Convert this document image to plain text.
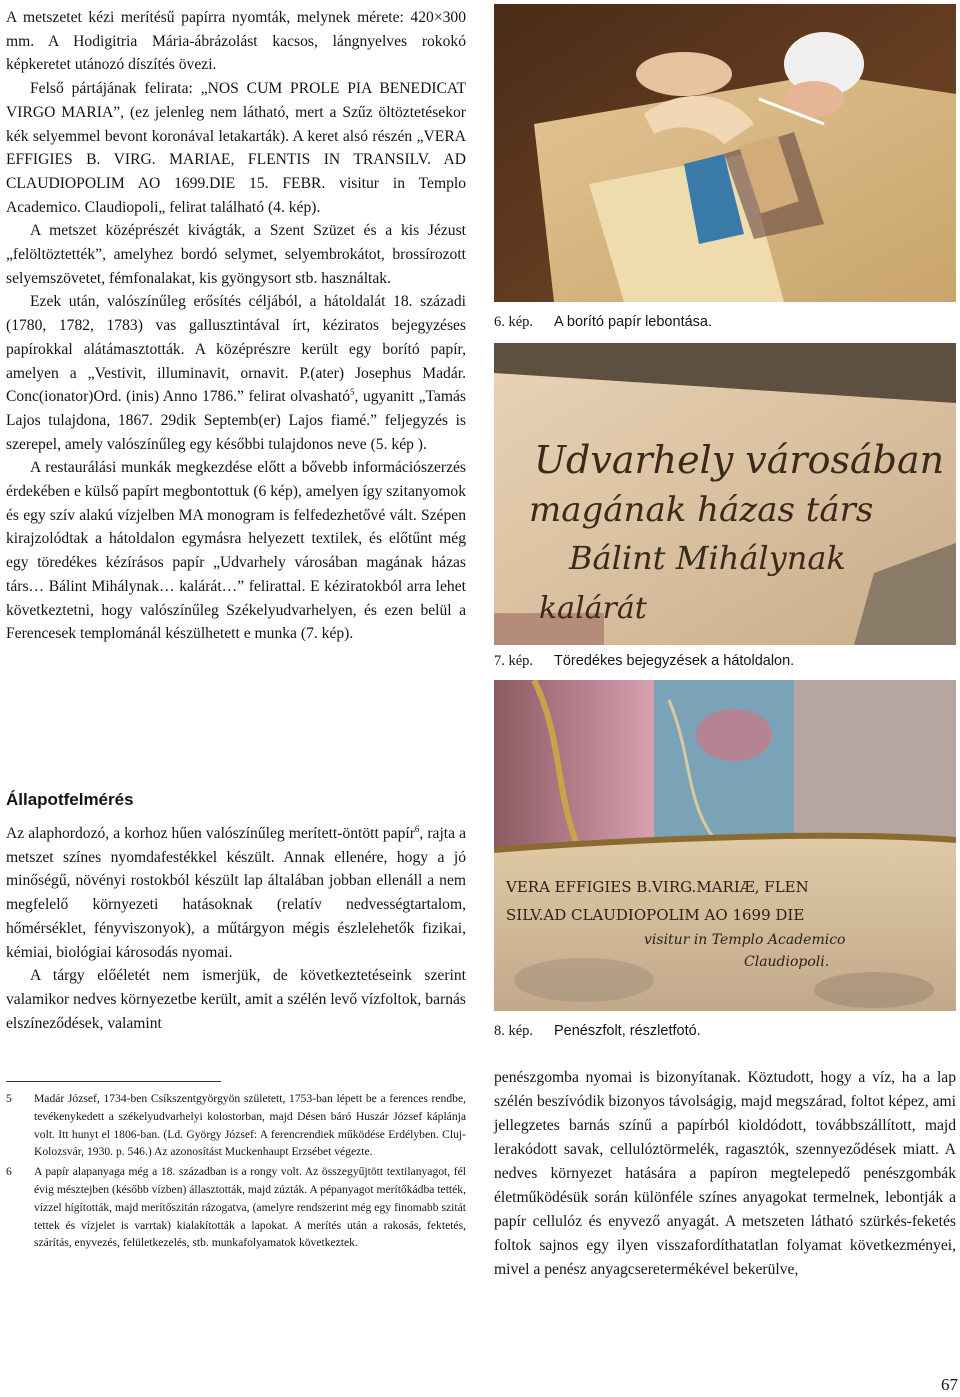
A metszetet kézi merítésű papírra nyomták, melynek mérete: 420×300 mm. A Hodigitria Mária-ábrázolást kacsos, lángnyelves rokokó képkeretet utánozó díszítés övezi.

Felső pártájának felirata: „NOS CUM PROLE PIA BENEDICAT VIRGO MARIA”, (ez jelenleg nem látható, mert a Szűz öltöztetésekor kék selyemmel bevont koronával letakarták). A keret alsó részén „VERA EFFIGIES B. VIRG. MARIAE, FLENTIS IN TRANSILV. AD CLAUDIOPOLIM AO 1699.DIE 15. FEBR. visitur in Templo Academico. Claudiopoli„ felirat található (4. kép).

A metszet középrészét kivágták, a Szent Szüzet és a kis Jézust „felöltöztették”, amelyhez bordó selymet, selyembrokátot, brossírozott selyemszövetet, fémfonalakat, kis gyöngysort stb. használtak.

Ezek után, valószínűleg erősítés céljából, a hátoldalát 18. századi (1780, 1782, 1783) vas gallusztintával írt, kéziratos bejegyzéses papírokkal alátámasztották. A középrészre került egy borító papír, amelyen a „Vestivit, illuminavit, ornavit. P.(ater) Josephus Madár. Conc(ionator)Ord. (inis) Anno 1786.” felirat olvasható$^5$, ugyanitt „Tamás Lajos tulajdona, 1867. 29dik Septemb(er) Lajos fiamé.” feljegyzés is szerepel, amely valószínűleg egy későbbi tulajdonos neve (5. kép ).

A restaurálási munkák megkezdése előtt a bővebb információszerzés érdekében e külső papírt megbontottuk (6 kép), amelyen így szitanyomok és egy szív alakú vízjelben MA monogram is felfedezhetővé vált. Szépen kirajzolódtak a hátoldalon egymásra helyezett textilek, és előtűnt még egy töredékes kézírásos papír „Udvarhely városában magának házas társ… Bálint Mihálynak… kalárát…” felirattal. E kéziratokból arra lehet következtetni, hogy valószínűleg Székelyudvarhelyen, és ezen belül a Ferencesek templománál készülhetett e munka (7. kép).

Állapotfelmérés

Az alaphordozó, a korhoz hűen valószínűleg merített-öntött papír$^6$, rajta a metszet színes nyomdafestékkel készült. Annak ellenére, hogy a jó minőségű, növényi rostokból készült lap általában jobban ellenáll a nem megfelelő környezeti hatásoknak (relatív nedvességtartalom, hőmérséklet, fényviszonyok), a műtárgyon mégis észlelehetők fizikai, kémiai, biológiai károsodás nyomai.

A tárgy előéletét nem ismerjük, de következtetéseink szerint valamikor nedves környezetbe került, amit a szélén levő vízfoltok, barnás elszíneződések, valamint

5 Madár József, 1734-ben Csíkszentgyörgyön született, 1753-ban lépett be a ferences rendbe, tevékenykedett a székelyudvarhelyi kolostorban, majd Désen báró Huszár József káplánja volt. Itt hunyt el 1806-ban. (Ld. György József: A ferencrendiek működése Erdélyben. Cluj-Kolozsvár, 1930. p. 546.) Az azonosítást Muckenhaupt Erzsébet végezte.
6 A papír alapanyaga még a 18. században is a rongy volt. Az összegyűjtött textilanyagot, fél évig mésztejben (később vízben) állasztották, majd zúzták. A pépanyagot merítőkádba tették, vízzel hígították, majd merítőszitán rázogatva, (amelyre rendszerint még egy finomabb szitát tettek és vízjelet is varrtak) kialakították a lapokat. A merítés után a rakosás, fektetés, szárítás, enyvezés, felületkezelés, stb. munkafolyamatok következtek.
6. kép. A borító papír lebontása.
Udvarhely városában
magának házas társ
Bálint Mihálynak
kalárát
7. kép. Töredékes bejegyzések a hátoldalon.
VERA EFFIGIES B.VIRG.MARIÆ, FLEN
SILV.AD CLAUDIOPOLIM AO 1699 DIE
visitur in Templo Academico
Claudiopoli.
8. kép. Penészfolt, részletfotó.

penészgomba nyomai is bizonyítanak. Köztudott, hogy a víz, ha a lap szélén beszívódik bizonyos távolságig, majd megszárad, foltot képez, ami jellegzetes barnás színű a papírból kioldódott, továbbszállított, majd lerakódott savak, cellulóztörmelék, ragasztók, szennyeződések miatt. A nedves környezet hatására a papíron megtelepedő penészgombák életműködésük során különféle színes anyagokat termelnek, lebontják a papír cellulóz és enyvező anyagát. A metszeten látható szürkés-feketés foltok sajnos egy ilyen visszafordíthatatlan folyamat következményei, mivel a penész anyagcseretermékével bekerülve,

67
